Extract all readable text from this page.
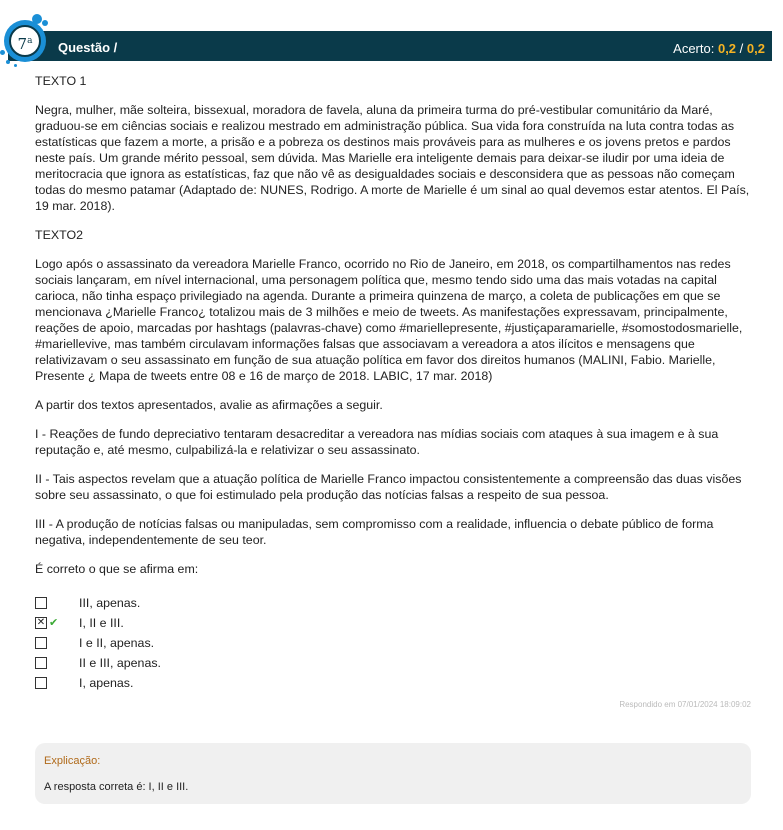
7$^a$	Questão /	Acerto: 0,2 / 0,2

TEXTO 1

Negra, mulher, mãe solteira, bissexual, moradora de favela, aluna da primeira turma do pré-vestibular comunitário da Maré, graduou-se em ciências sociais e realizou mestrado em administração pública. Sua vida fora construída na luta contra todas as estatísticas que fazem a morte, a prisão e a pobreza os destinos mais prováveis para as mulheres e os jovens pretos e pardos neste país. Um grande mérito pessoal, sem dúvida. Mas Marielle era inteligente demais para deixar-se iludir por uma ideia de meritocracia que ignora as estatísticas, faz que não vê as desigualdades sociais e desconsidera que as pessoas não começam todas do mesmo patamar (Adaptado de: NUNES, Rodrigo. A morte de Marielle é um sinal ao qual devemos estar atentos. El País, 19 mar. 2018).

TEXTO2

Logo após o assassinato da vereadora Marielle Franco, ocorrido no Rio de Janeiro, em 2018, os compartilhamentos nas redes sociais lançaram, em nível internacional, uma personagem política que, mesmo tendo sido uma das mais votadas na capital carioca, não tinha espaço privilegiado na agenda. Durante a primeira quinzena de março, a coleta de publicações em que se mencionava ¿Marielle Franco¿ totalizou mais de 3 milhões e meio de tweets. As manifestações expressavam, principalmente, reações de apoio, marcadas por hashtags (palavras-chave) como #mariellepresente, #justiçaparamarielle, #somostodosmarielle, #mariellevive, mas também circulavam informações falsas que associavam a vereadora a atos ilícitos e mensagens que relativizavam o seu assassinato em função de sua atuação política em favor dos direitos humanos (MALINI, Fabio. Marielle, Presente ¿ Mapa de tweets entre 08 e 16 de março de 2018. LABIC, 17 mar. 2018)

A partir dos textos apresentados, avalie as afirmações a seguir.

I - Reações de fundo depreciativo tentaram desacreditar a vereadora nas mídias sociais com ataques à sua imagem e à sua reputação e, até mesmo, culpabilizá-la e relativizar o seu assassinato.

II - Tais aspectos revelam que a atuação política de Marielle Franco impactou consistentemente a compreensão das duas visões sobre seu assassinato, o que foi estimulado pela produção das notícias falsas a respeito de sua pessoa.

III - A produção de notícias falsas ou manipuladas, sem compromisso com a realidade, influencia o debate público de forma negativa, independentemente de seu teor.

É correto o que se afirma em:

III, apenas.
✕ ✔ I, II e III.
I e II, apenas.
II e III, apenas.
I, apenas.
Respondido em 07/01/2024 18:09:02
Explicação:
A resposta correta é: I, II e III.
